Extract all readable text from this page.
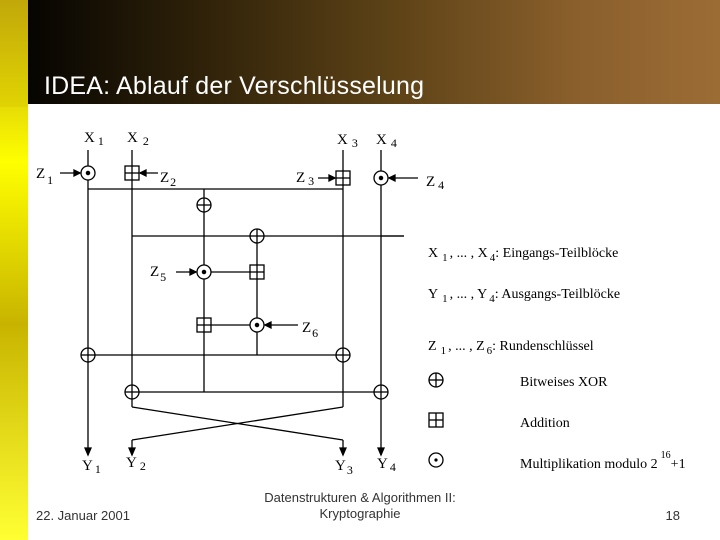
IDEA: Ablauf der Verschlüsselung
X $_1$ X $_2$	X $_3$ X $_4$
Y $_1$ Y $_2$	$Y_3$ Y $_4$
Z $_1$	$Z_2$	Z $_3$	Z $_4$
$Z_5$
$Z_6$
X $_1$ , ... , X $_4$: Eingangs-Teilblöcke
Y $_1$ , ... , Y $_4$: Ausgangs-Teilblöcke
Z $_1$ , ... , Z $_6$: Rundenschlüssel
Bitweises XOR
Addition
Multiplikation modulo $2^{16}+1$
22. Januar 2001
Datenstrukturen & Algorithmen II:
Kryptographie	18
